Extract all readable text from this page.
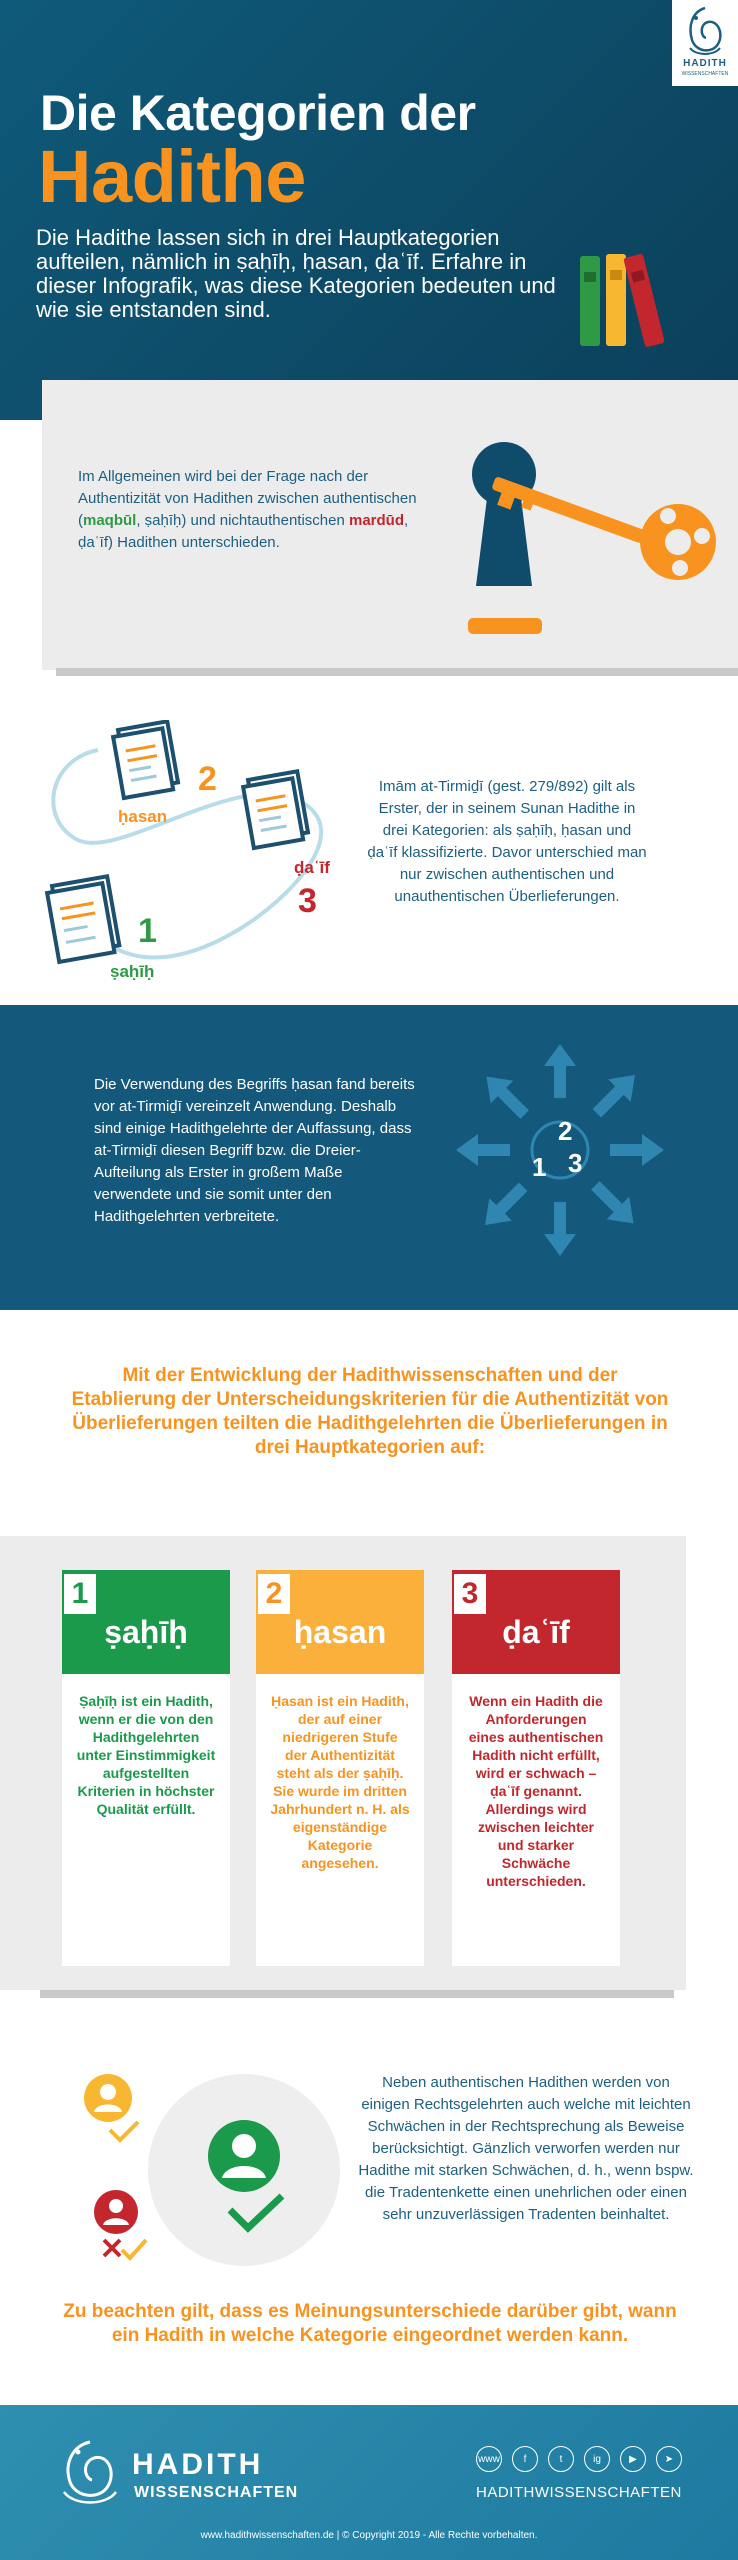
HADITH
WISSENSCHAFTEN
Die Kategorien der
Hadithe
Die Hadithe lassen sich in drei Hauptkategorien aufteilen, nämlich in ṣaḥīḥ, ḥasan, ḍaʿīf. Erfahre in dieser Infografik, was diese Kategorien bedeuten und wie sie entstanden sind.
Im Allgemeinen wird bei der Frage nach der Authentizität von Hadithen zwischen authentischen (maqbūl, ṣaḥīḥ) und nichtauthentischen mardūd, ḍaʿīf) Hadithen unterschieden.
2
ḥasan
ḍaʿīf
3
1
ṣaḥīḥ
Imām at-Tirmiḏī (gest. 279/892) gilt als Erster, der in seinem Sunan Hadithe in drei Kategorien: als ṣaḥīḥ, ḥasan und ḍaʿīf klassifizierte. Davor unterschied man nur zwischen authentischen und unauthentischen Überlieferungen.
Die Verwendung des Begriffs ḥasan fand bereits vor at-Tirmiḏī vereinzelt Anwendung. Deshalb sind einige Hadithgelehrte der Auffassung, dass at-Tirmiḏī diesen Begriff bzw. die Dreier-Aufteilung als Erster in großem Maße verwendete und sie somit unter den Hadithgelehrten verbreitete.
2
1 3
Mit der Entwicklung der Hadithwissenschaften und der Etablierung der Unterscheidungskriterien für die Authentizität von Überlieferungen teilten die Hadithgelehrten die Überlieferungen in drei Hauptkategorien auf:
1
ṣaḥīḥ
Ṣaḥīḥ ist ein Hadith, wenn er die von den Hadithgelehrten unter Einstimmigkeit aufgestellten Kriterien in höchster Qualität erfüllt.
2
ḥasan
Ḥasan ist ein Hadith, der auf einer niedrigeren Stufe der Authentizität steht als der ṣaḥīḥ. Sie wurde im dritten Jahrhundert n. H. als eigenständige Kategorie angesehen.
3
ḍaʿīf
Wenn ein Hadith die Anforderungen eines authentischen Hadith nicht erfüllt, wird er schwach – ḍaʿīf genannt. Allerdings wird zwischen leichter und starker Schwäche unterschieden.
Neben authentischen Hadithen werden von einigen Rechtsgelehrten auch welche mit leichten Schwächen in der Rechtsprechung als Beweise berücksichtigt. Gänzlich verworfen werden nur Hadithe mit starken Schwächen, d. h., wenn bspw. die Tradentenkette einen unehrlichen oder einen sehr unzuverlässigen Tradenten beinhaltet.
Zu beachten gilt, dass es Meinungsunterschiede darüber gibt, wann ein Hadith in welche Kategorie eingeordnet werden kann.
HADITH
WISSENSCHAFTEN
www	f	t	ig	▶	➤
HADITHWISSENSCHAFTEN
www.hadithwissenschaften.de | © Copyright 2019 - Alle Rechte vorbehalten.
